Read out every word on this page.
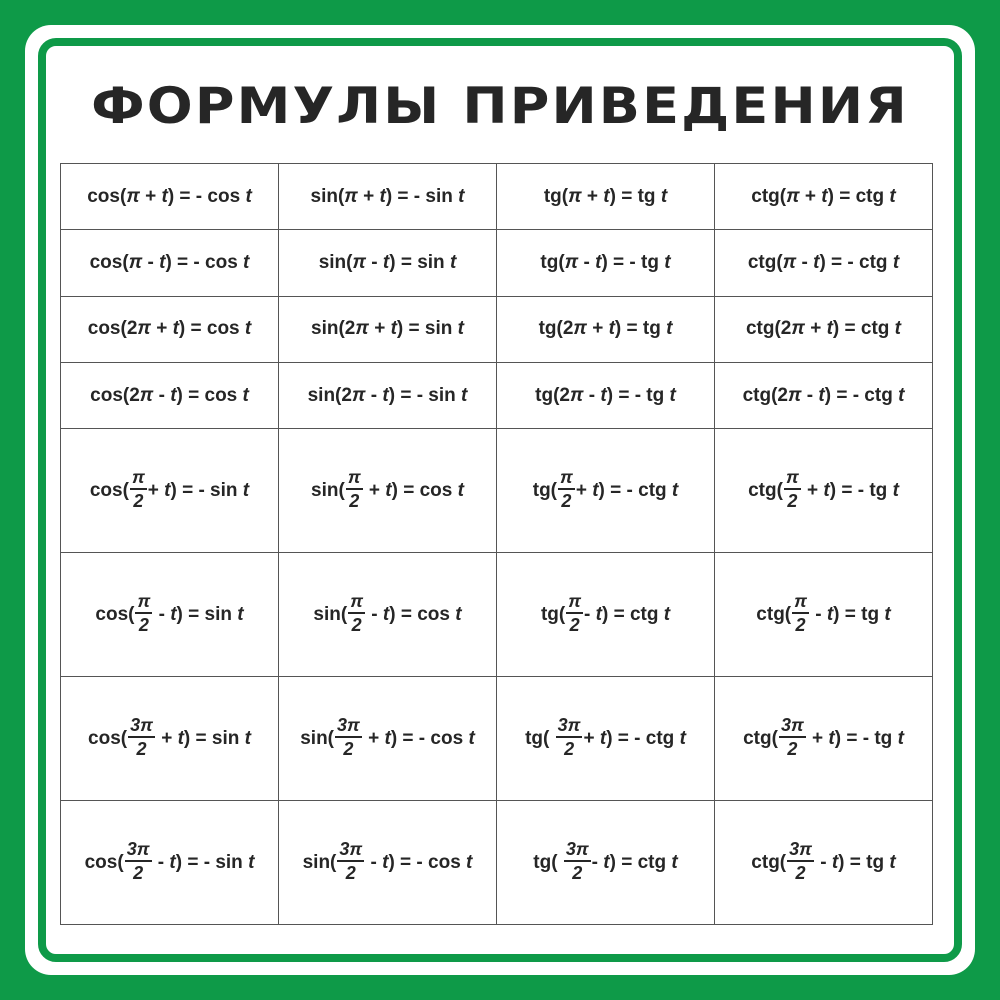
ФОРМУЛЫ ПРИВЕДЕНИЯ
cos(π + t) = - cos t	sin(π + t) = - sin t	tg(π + t) = tg t	ctg(π + t) = ctg t
cos(π - t) = - cos t	sin(π - t) = sin t	tg(π - t) = - tg t	ctg(π - t) = - ctg t
cos(2π + t) = cos t	sin(2π + t) = sin t	tg(2π + t) = tg t	ctg(2π + t) = ctg t
cos(2π - t) = cos t	sin(2π - t) = - sin t	tg(2π - t) = - tg t	ctg(2π - t) = - ctg t
$\cos( \frac{\pi}{2} + t)$ = - sin t	$\sin( \frac{\pi}{2} + t) = \cos t$	$tg( \frac{\pi}{2} + t)$ = - ctg t	$ctg( \frac{\pi}{2} + t)$ = - tg t
$\cos( \frac{\pi}{2} - t) = \sin t$	$\sin( \frac{\pi}{2} - t) = \cos t$	$tg( \frac{\pi}{2} - t)$ = ctg t	$ctg( \frac{\pi}{2} - t)$ = tg t
$\cos( \frac{3\pi}{2} + t) = \sin t$	$\sin( \frac{3\pi}{2} + t)$ = - cos t	$tg( \frac{3\pi}{2} + t)$ = - ctg t	$ctg( \frac{3\pi}{2} + t)$ = - tg t
$\cos( \frac{3\pi}{2} - t)$ = - sin t	$\sin( \frac{3\pi}{2} - t)$ = - cos t	$tg( \frac{3\pi}{2} - t)$ = ctg t	$ctg( \frac{3\pi}{2} - t)$ = tg t
